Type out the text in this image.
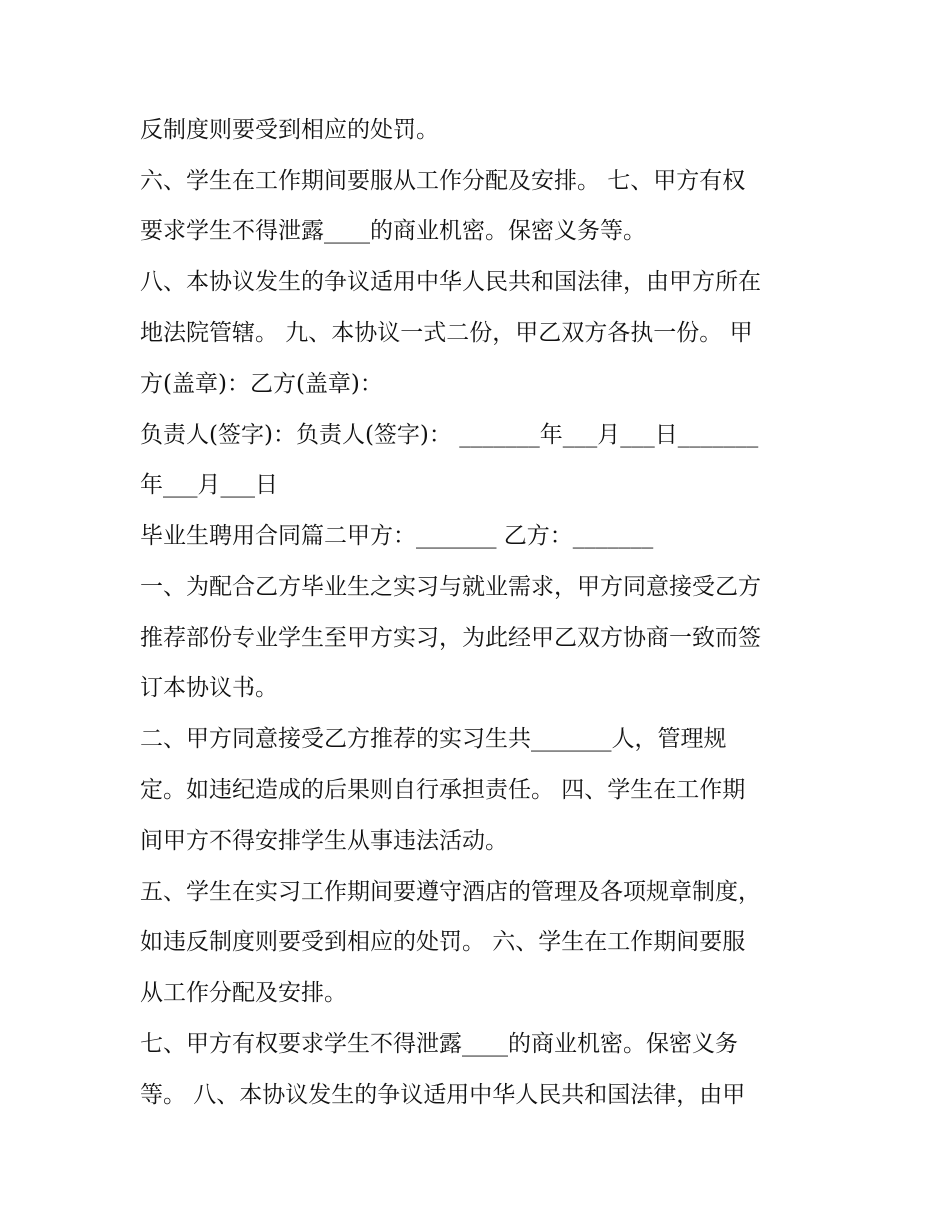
反制度则要受到相应的处罚。

六、学生在工作期间要服从工作分配及安排。 七、甲方有权

要求学生不得泄露____的商业机密。保密义务等。

八、本协议发生的争议适用中华人民共和国法律，由甲方所在

地法院管辖。 九、本协议一式二份，甲乙双方各执一份。 甲

方(盖章)：乙方(盖章)：

负责人(签字)：负责人(签字)： _______年___月___日_______

年___月___日

毕业生聘用合同篇二甲方：_______ 乙方：_______

一、为配合乙方毕业生之实习与就业需求，甲方同意接受乙方

推荐部份专业学生至甲方实习，为此经甲乙双方协商一致而签

订本协议书。

二、甲方同意接受乙方推荐的实习生共_______人，管理规

定。如违纪造成的后果则自行承担责任。 四、学生在工作期

间甲方不得安排学生从事违法活动。

五、学生在实习工作期间要遵守酒店的管理及各项规章制度，

如违反制度则要受到相应的处罚。 六、学生在工作期间要服

从工作分配及安排。

七、甲方有权要求学生不得泄露____的商业机密。保密义务

等。 八、本协议发生的争议适用中华人民共和国法律，由甲
